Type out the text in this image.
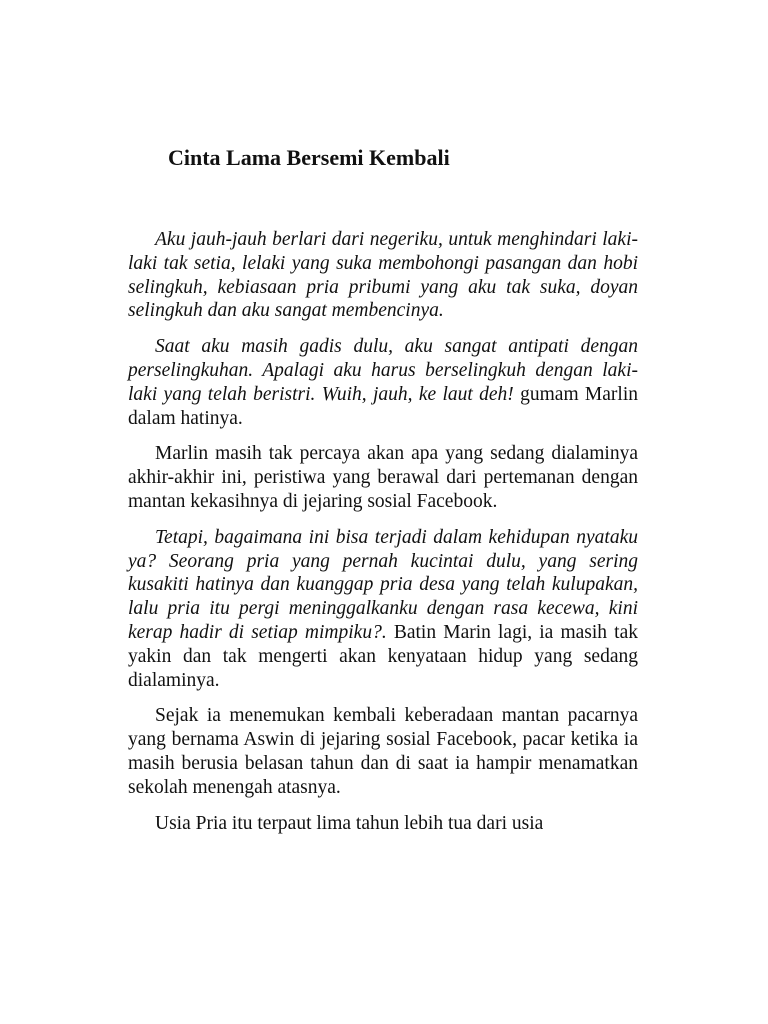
Cinta Lama Bersemi Kembali

Aku jauh-jauh berlari dari negeriku, untuk menghindari laki-laki tak setia, lelaki yang suka membohongi pasangan dan hobi selingkuh, kebiasaan pria pribumi yang aku tak suka, doyan selingkuh dan aku sangat membencinya.

Saat aku masih gadis dulu, aku sangat antipati dengan perselingkuhan. Apalagi aku harus berselingkuh dengan laki-laki yang telah beristri. Wuih, jauh, ke laut deh! gumam Marlin dalam hatinya.

Marlin masih tak percaya akan apa yang sedang dialaminya akhir-akhir ini, peristiwa yang berawal dari pertemanan dengan mantan kekasihnya di jejaring sosial Facebook.

Tetapi, bagaimana ini bisa terjadi dalam kehidupan nyataku ya? Seorang pria yang pernah kucintai dulu, yang sering kusakiti hatinya dan kuanggap pria desa yang telah kulupakan, lalu pria itu pergi meninggalkanku dengan rasa kecewa, kini kerap hadir di setiap mimpiku?. Batin Marin lagi, ia masih tak yakin dan tak mengerti akan kenyataan hidup yang sedang dialaminya.

Sejak ia menemukan kembali keberadaan mantan pacarnya yang bernama Aswin di jejaring sosial Facebook, pacar ketika ia masih berusia belasan tahun dan di saat ia hampir menamatkan sekolah menengah atasnya.

Usia Pria itu terpaut lima tahun lebih tua dari usia
